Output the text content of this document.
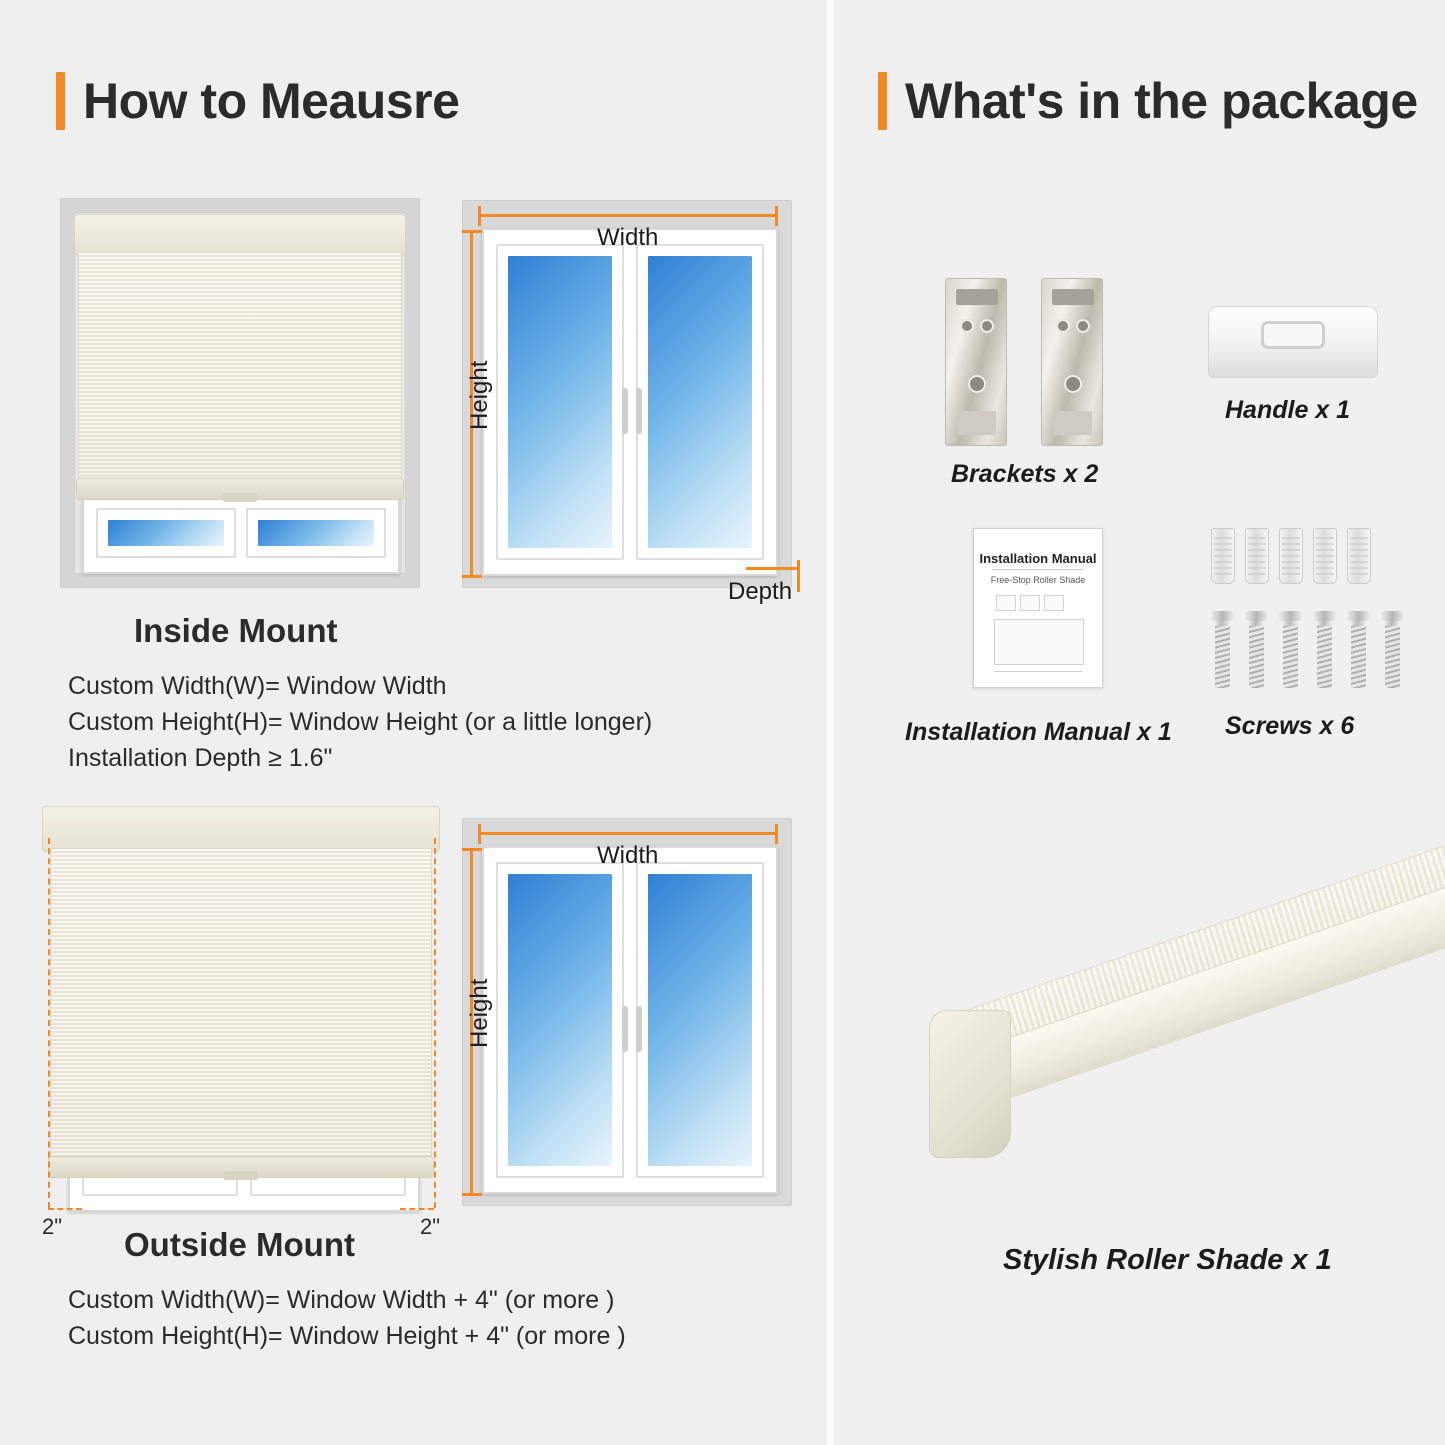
How to Meausre
Width
Height
Depth
Inside Mount
Custom Width(W)= Window Width
Custom Height(H)= Window Height (or a little longer)
Installation Depth ≥ 1.6"
2"	2"
Width
Height
Outside Mount
Custom Width(W)= Window Width + 4" (or more )
Custom Height(H)= Window Height + 4" (or more )
What's in the package
Brackets x 2
Handle x 1
Installation Manual
Free-Stop Roller Shade
Installation Manual x 1 Screws x 6
Stylish Roller Shade x 1
